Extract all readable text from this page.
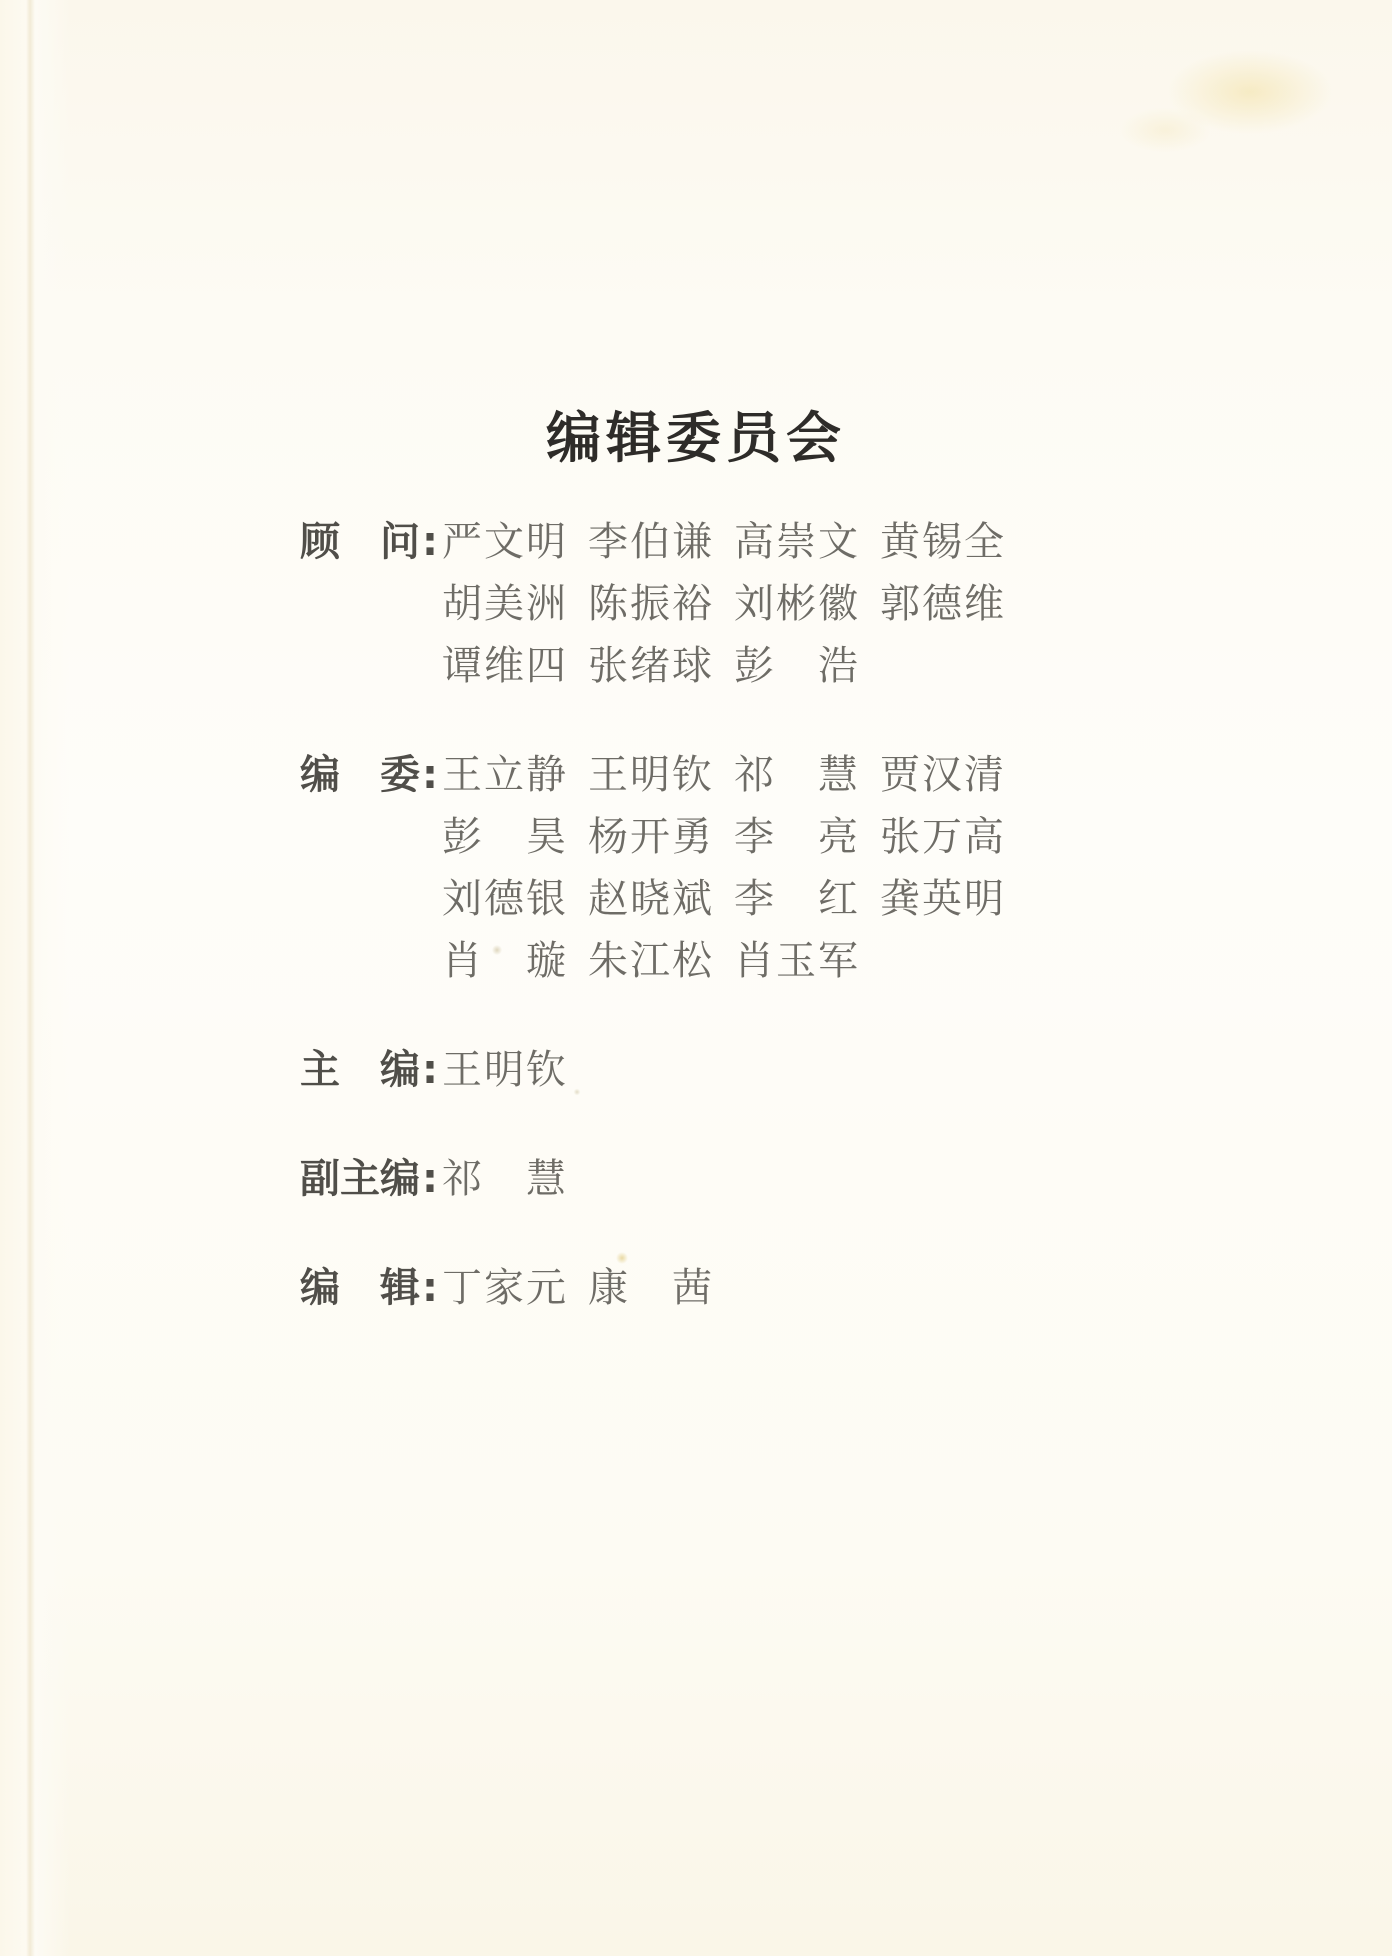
编辑委员会
顾 问 : 严文明 李伯谦 高崇文 黄锡全
胡美洲 陈振裕 刘彬徽 郭德维
谭维四 张绪球 彭　浩
编 委 : 王立静 王明钦 祁　慧 贾汉清
彭　昊 杨开勇 李　亮 张万高
刘德银 赵晓斌 李　红 龚英明
肖　璇 朱江松 肖玉军
主 编 : 王明钦
副 主 编 : 祁　慧
编 辑 : 丁家元 康　茜
